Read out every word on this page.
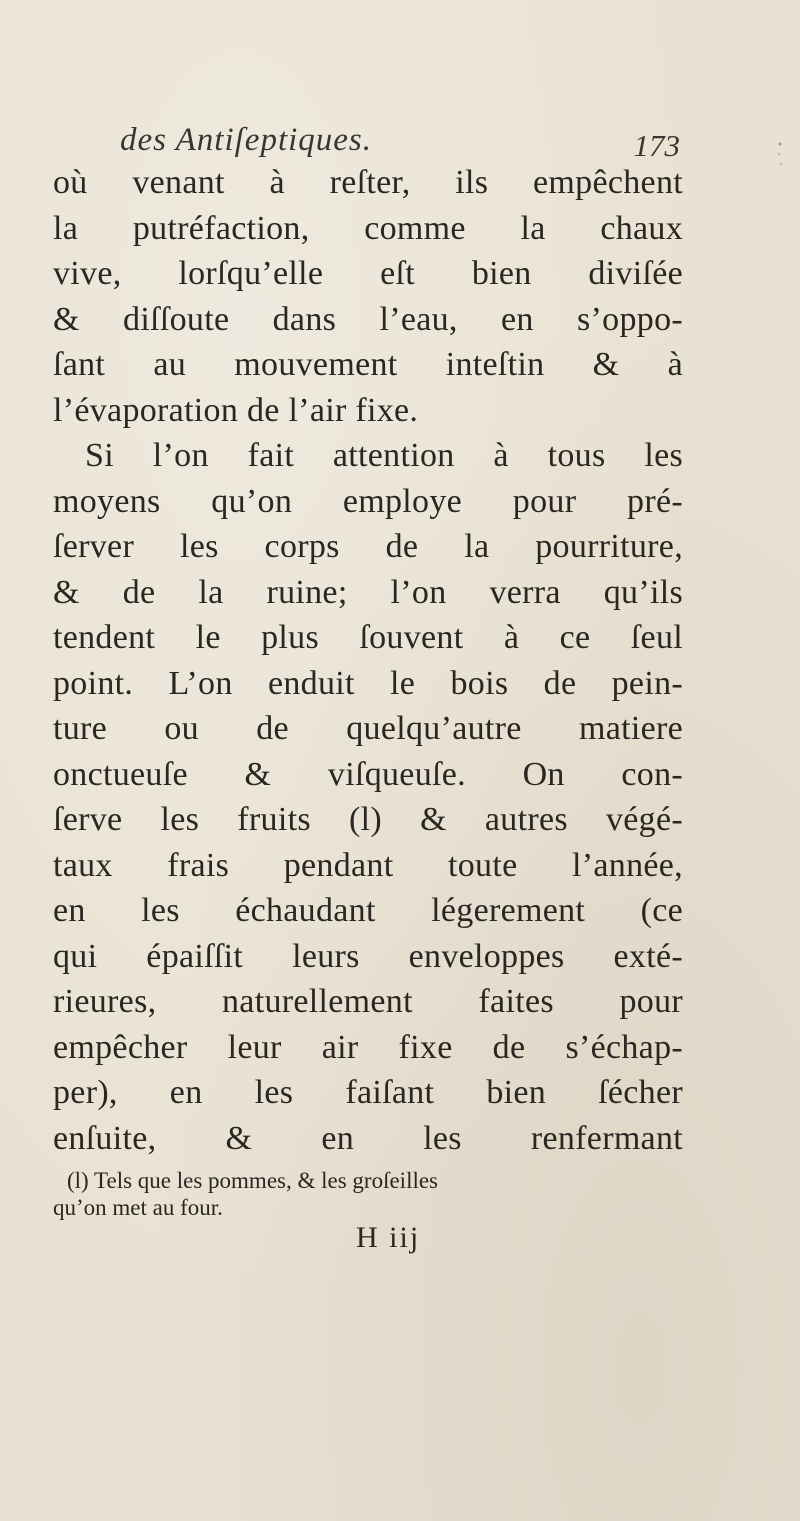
des Antiſeptiques.	173
où venant à reſter, ils empêchent
la putréfaction, comme la chaux
vive, lorſqu’elle eſt bien diviſée
& diſſoute dans l’eau, en s’oppo-
ſant au mouvement inteſtin & à
l’évaporation de l’air fixe.
Si l’on fait attention à tous les
moyens qu’on employe pour pré-
ſerver les corps de la pourriture,
& de la ruine; l’on verra qu’ils
tendent le plus ſouvent à ce ſeul
point. L’on enduit le bois de pein-
ture ou de quelqu’autre matiere
onctueuſe & viſqueuſe. On con-
ſerve les fruits (l) & autres végé-
taux frais pendant toute l’année,
en les échaudant légerement (ce
qui épaiſſit leurs enveloppes exté-
rieures, naturellement faites pour
empêcher leur air fixe de s’échap-
per), en les faiſant bien ſécher
enſuite, & en les renfermant
(l) Tels que les pommes, & les groſeilles
qu’on met au four.
H iij
